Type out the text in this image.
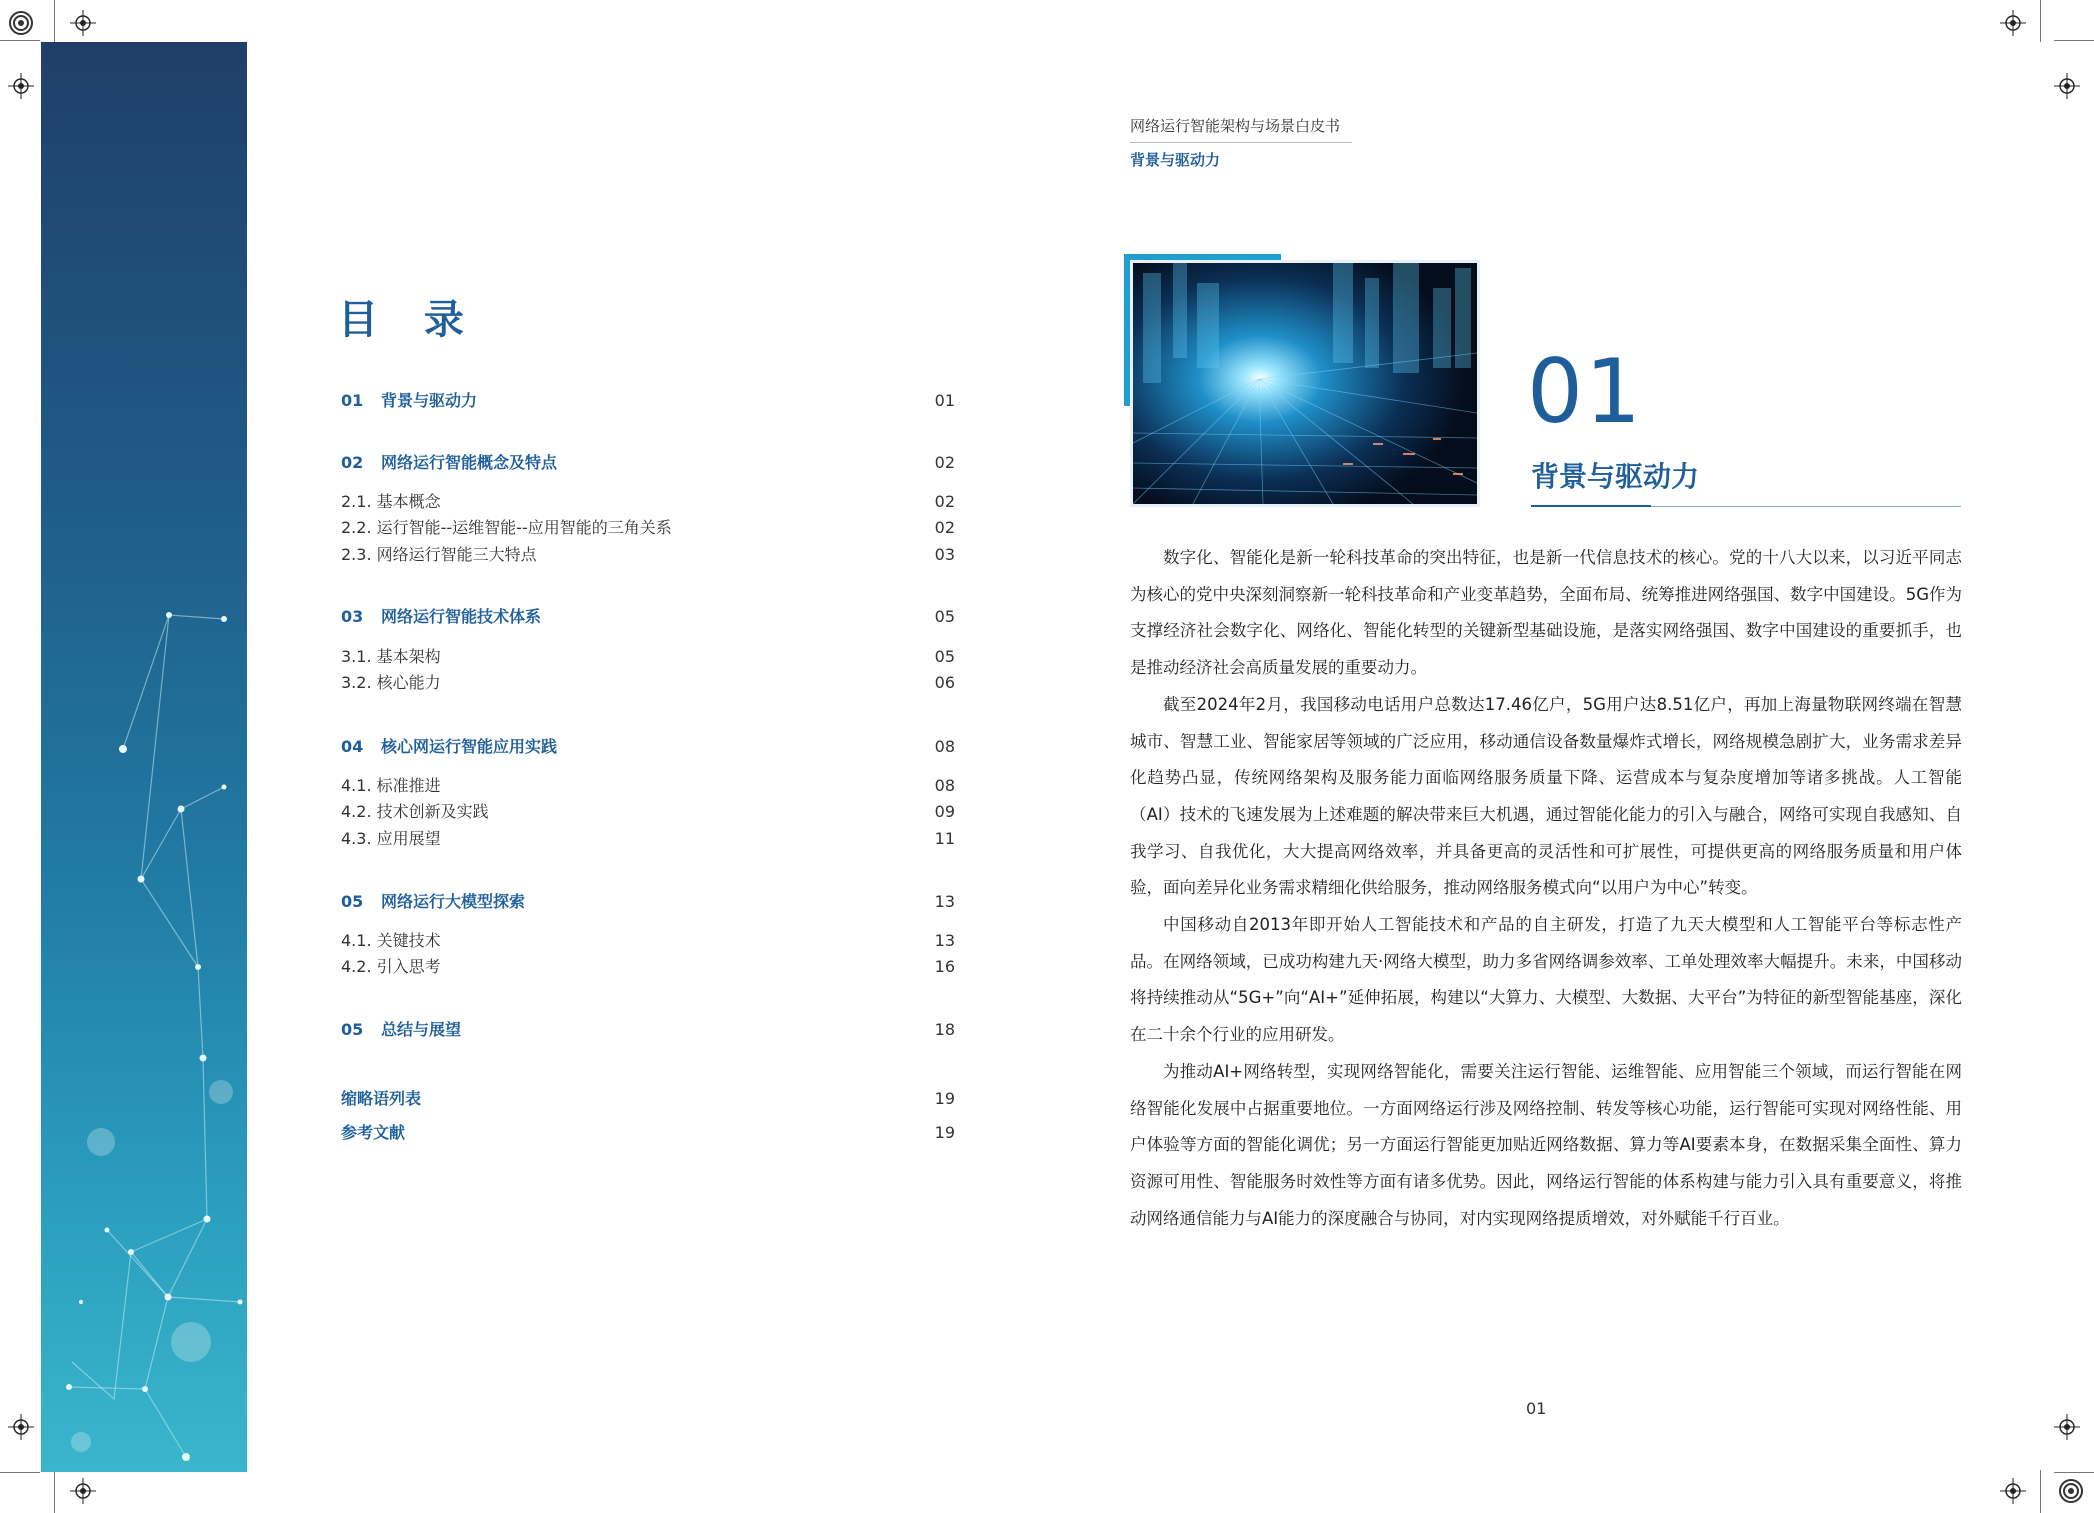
目 录
01 背景与驱动力	01
02 网络运行智能概念及特点	02
2.1. 基本概念	02
2.2. 运行智能--运维智能--应用智能的三角关系	02
2.3. 网络运行智能三大特点	03
03 网络运行智能技术体系	05
3.1. 基本架构	05
3.2. 核心能力	06
04 核心网运行智能应用实践	08
4.1. 标准推进	08
4.2. 技术创新及实践	09
4.3. 应用展望	11
05 网络运行大模型探索	13
4.1. 关键技术	13
4.2. 引入思考	16
05 总结与展望	18
缩略语列表	19
参考文献	19
网络运行智能架构与场景白皮书
背景与驱动力
01
背景与驱动力

数字化、智能化是新一轮科技革命的突出特征，也是新一代信息技术的核心。党的十八大以来，以习近平同志为核心的党中央深刻洞察新一轮科技革命和产业变革趋势，全面布局、统筹推进网络强国、数字中国建设。5G作为支撑经济社会数字化、网络化、智能化转型的关键新型基础设施，是落实网络强国、数字中国建设的重要抓手，也是推动经济社会高质量发展的重要动力。

截至2024年2月，我国移动电话用户总数达17.46亿户，5G用户达8.51亿户，再加上海量物联网终端在智慧城市、智慧工业、智能家居等领域的广泛应用，移动通信设备数量爆炸式增长，网络规模急剧扩大，业务需求差异化趋势凸显，传统网络架构及服务能力面临网络服务质量下降、运营成本与复杂度增加等诸多挑战。人工智能（AI）技术的飞速发展为上述难题的解决带来巨大机遇，通过智能化能力的引入与融合，网络可实现自我感知、自我学习、自我优化，大大提高网络效率，并具备更高的灵活性和可扩展性，可提供更高的网络服务质量和用户体验，面向差异化业务需求精细化供给服务，推动网络服务模式向“以用户为中心”转变。

中国移动自2013年即开始人工智能技术和产品的自主研发，打造了九天大模型和人工智能平台等标志性产品。在网络领域，已成功构建九天·网络大模型，助力多省网络调参效率、工单处理效率大幅提升。未来，中国移动将持续推动从“5G+”向“AI+”延伸拓展，构建以“大算力、大模型、大数据、大平台”为特征的新型智能基座，深化在二十余个行业的应用研发。

为推动AI+网络转型，实现网络智能化，需要关注运行智能、运维智能、应用智能三个领域，而运行智能在网络智能化发展中占据重要地位。一方面网络运行涉及网络控制、转发等核心功能，运行智能可实现对网络性能、用户体验等方面的智能化调优；另一方面运行智能更加贴近网络数据、算力等AI要素本身，在数据采集全面性、算力资源可用性、智能服务时效性等方面有诸多优势。因此，网络运行智能的体系构建与能力引入具有重要意义，将推动网络通信能力与AI能力的深度融合与协同，对内实现网络提质增效，对外赋能千行百业。

01
